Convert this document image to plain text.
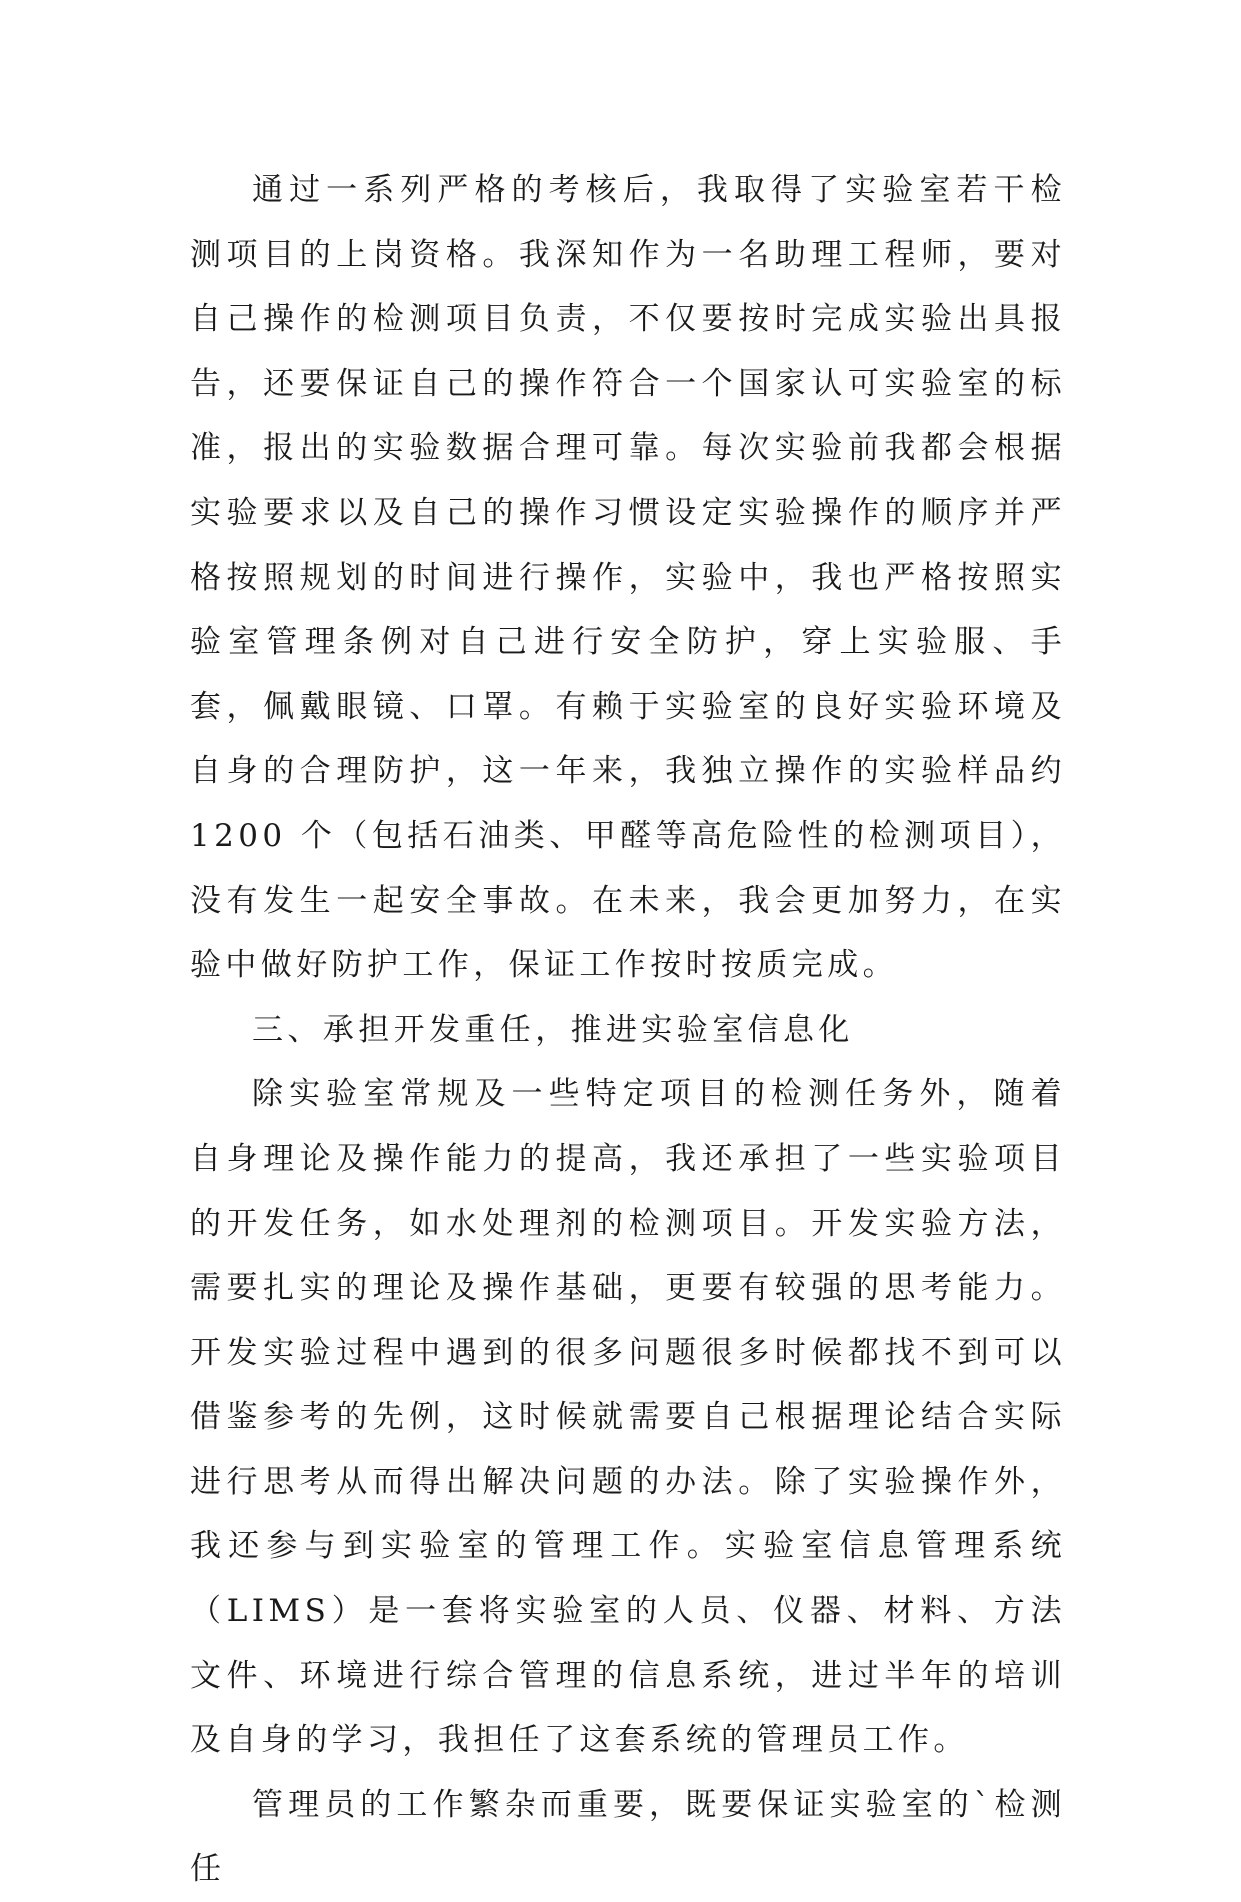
通过一系列严格的考核后，我取得了实验室若干检测项目的上岗资格。我深知作为一名助理工程师，要对自己操作的检测项目负责，不仅要按时完成实验出具报告，还要保证自己的操作符合一个国家认可实验室的标准，报出的实验数据合理可靠。每次实验前我都会根据实验要求以及自己的操作习惯设定实验操作的顺序并严格按照规划的时间进行操作，实验中，我也严格按照实验室管理条例对自己进行安全防护，穿上实验服、手套，佩戴眼镜、口罩。有赖于实验室的良好实验环境及自身的合理防护，这一年来，我独立操作的实验样品约 1200 个（包括石油类、甲醛等高危险性的检测项目），没有发生一起安全事故。在未来，我会更加努力，在实验中做好防护工作，保证工作按时按质完成。

三、承担开发重任，推进实验室信息化

除实验室常规及一些特定项目的检测任务外，随着自身理论及操作能力的提高，我还承担了一些实验项目的开发任务，如水处理剂的检测项目。开发实验方法，需要扎实的理论及操作基础，更要有较强的思考能力。开发实验过程中遇到的很多问题很多时候都找不到可以借鉴参考的先例，这时候就需要自己根据理论结合实际进行思考从而得出解决问题的办法。除了实验操作外，我还参与到实验室的管理工作。实验室信息管理系统（LIMS）是一套将实验室的人员、仪器、材料、方法文件、环境进行综合管理的信息系统，进过半年的培训及自身的学习，我担任了这套系统的管理员工作。

管理员的工作繁杂而重要，既要保证实验室的`检测任
